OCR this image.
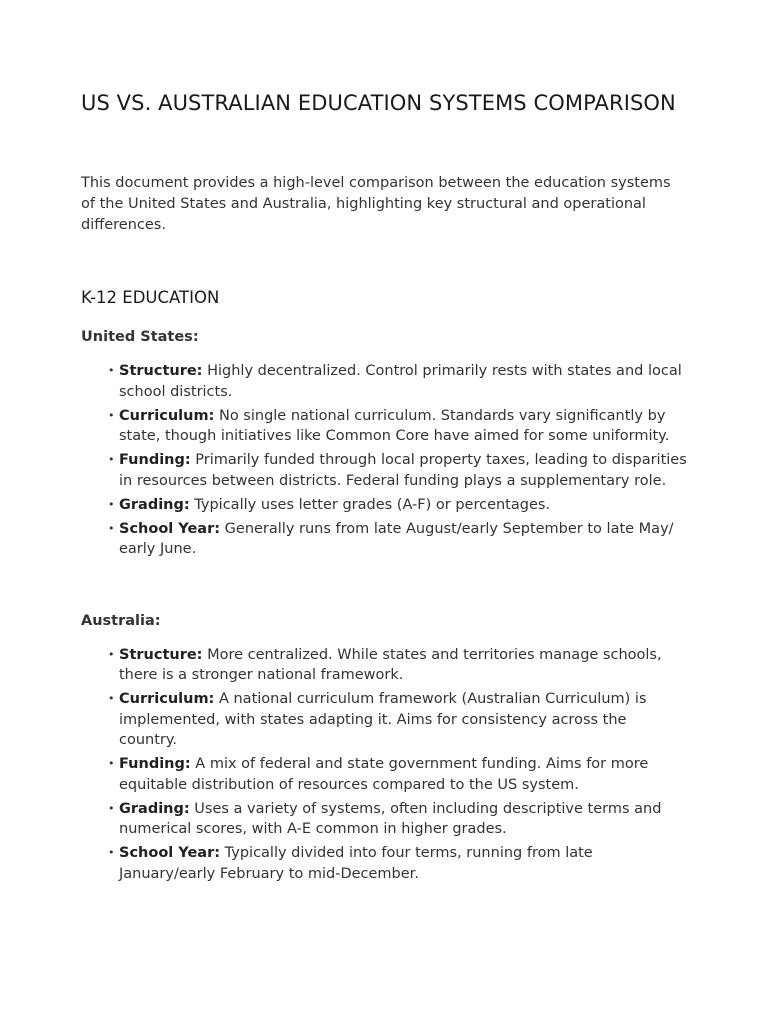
US VS. AUSTRALIAN EDUCATION SYSTEMS COMPARISON

This document provides a high-level comparison between the education systems of the United States and Australia, highlighting key structural and operational differences.

K-12 EDUCATION
United States:
• Structure: Highly decentralized. Control primarily rests with states and local school districts.
• Curriculum: No single national curriculum. Standards vary significantly by state, though initiatives like Common Core have aimed for some uniformity.
• Funding: Primarily funded through local property taxes, leading to disparities in resources between districts. Federal funding plays a supplementary role.
• Grading: Typically uses letter grades (A-F) or percentages.
• School Year: Generally runs from late August/early September to late May/ early June.
Australia:
• Structure: More centralized. While states and territories manage schools, there is a stronger national framework.
• Curriculum: A national curriculum framework (Australian Curriculum) is implemented, with states adapting it. Aims for consistency across the country.
• Funding: A mix of federal and state government funding. Aims for more equitable distribution of resources compared to the US system.
• Grading: Uses a variety of systems, often including descriptive terms and numerical scores, with A-E common in higher grades.
• School Year: Typically divided into four terms, running from late January/early February to mid-December.
